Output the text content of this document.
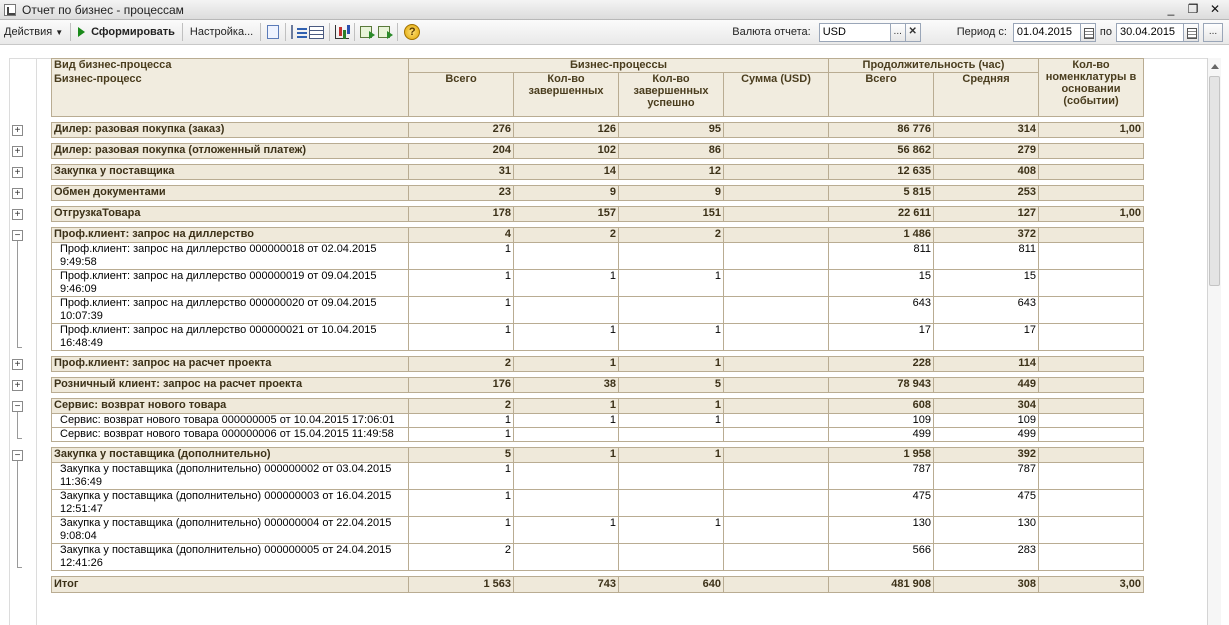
Отчет по бизнес - процессам	_	❐ ✕
Действия ▼	Сформировать	Настройка...	?	Валюта отчета:	USD	... ✕	Период с: 01.04.2015	по 30.04.2015	...
Вид бизнес-процесса	Бизнес-процессы				Продолжительность (час)		Кол-во номенклатуры в основании (событии)
Бизнес-процесс	Всего	Кол-во завершенных	Кол-во завершенных успешно	Сумма (USD)	Всего	Средняя	

Дилер: разовая покупка (заказ)	276	126	95		86 776	314	1,00

Дилер: разовая покупка (отложенный платеж)	204	102	86		56 862	279	

Закупка у поставщика	31	14	12		12 635	408	

Обмен документами	23	9	9		5 815	253	

ОтгрузкаТовара	178	157	151		22 611	127	1,00

Проф.клиент: запрос на диллерство	4	2	2		1 486	372	
Проф.клиент: запрос на диллерство 000000018 от 02.04.2015 9:49:58	1				811	811	
Проф.клиент: запрос на диллерство 000000019 от 09.04.2015 9:46:09	1	1	1		15	15	
Проф.клиент: запрос на диллерство 000000020 от 09.04.2015 10:07:39	1				643	643	
Проф.клиент: запрос на диллерство 000000021 от 10.04.2015 16:48:49	1	1	1		17	17	

Проф.клиент: запрос на расчет проекта	2	1	1		228	114	

Розничный клиент: запрос на расчет проекта	176	38	5		78 943	449	

Сервис: возврат нового товара	2	1	1		608	304	
Сервис: возврат нового товара 000000005 от 10.04.2015 17:06:01	1	1	1		109	109	
Сервис: возврат нового товара 000000006 от 15.04.2015 11:49:58	1				499	499	

Закупка у поставщика (дополнительно)	5	1	1		1 958	392	
Закупка у поставщика (дополнительно) 000000002 от 03.04.2015 11:36:49	1				787	787	
Закупка у поставщика (дополнительно) 000000003 от 16.04.2015 12:51:47	1				475	475	
Закупка у поставщика (дополнительно) 000000004 от 22.04.2015 9:08:04	1	1	1		130	130	
Закупка у поставщика (дополнительно) 000000005 от 24.04.2015 12:41:26	2				566	283	

Итог	1 563	743	640		481 908	308	3,00
+
+
+
+
+
−
+
+
−
−
